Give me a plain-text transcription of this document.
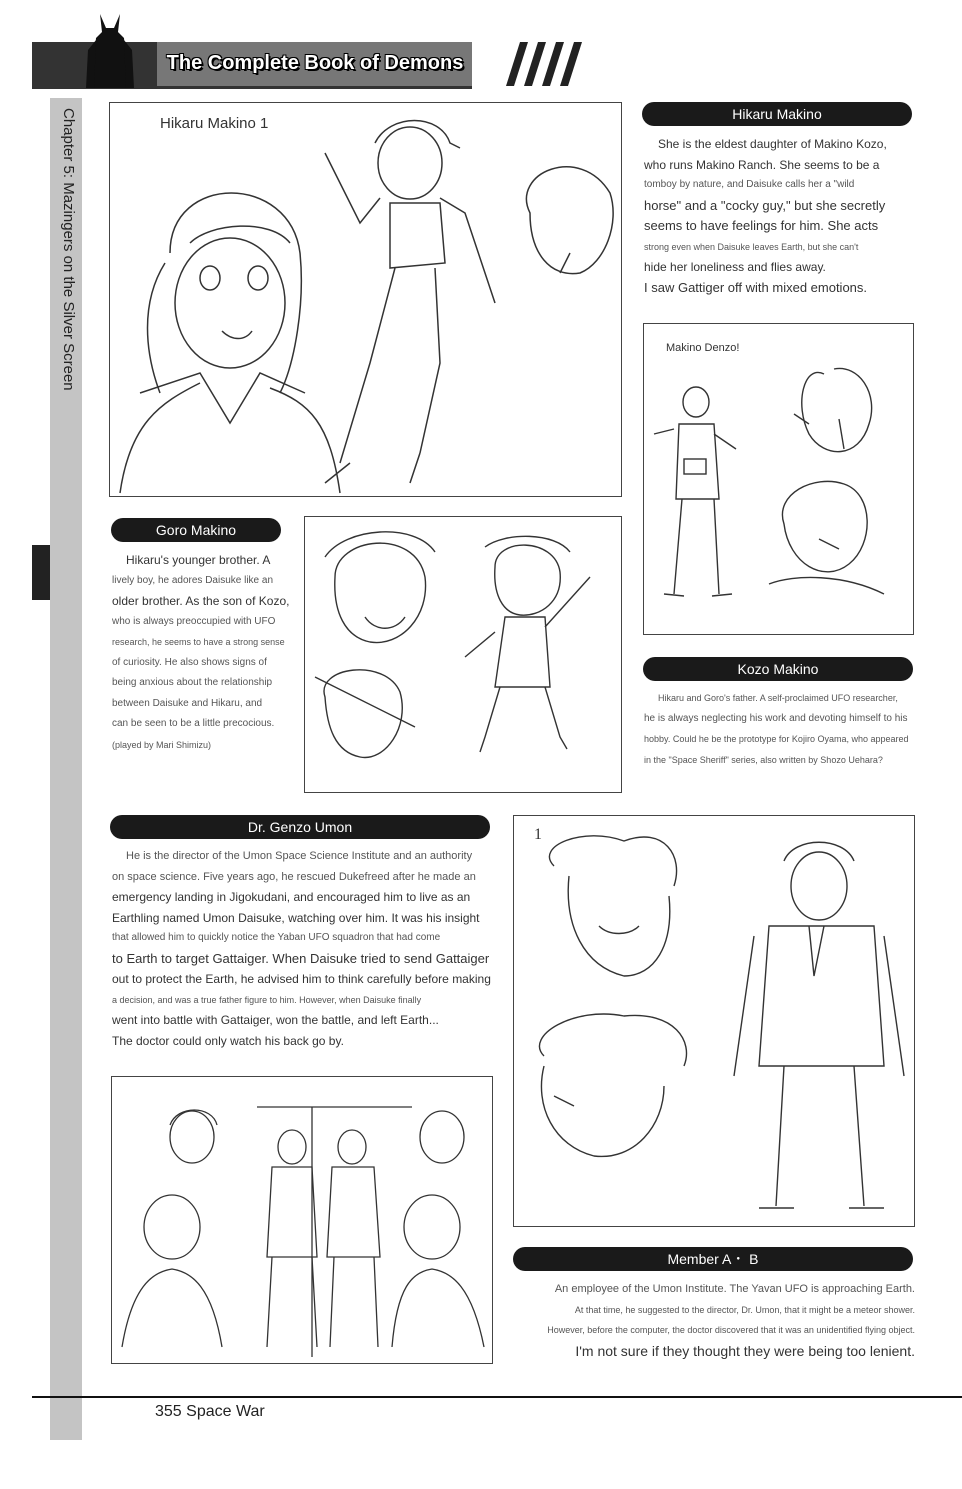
The Complete Book of Demons
Chapter 5: Mazingers on the Silver Screen	Hikaru Makino 1
Hikaru Makino
She is the eldest daughter of Makino Kozo,
who runs Makino Ranch. She seems to be a
tomboy by nature, and Daisuke calls her a "wild
horse" and a "cocky guy," but she secretly
seems to have feelings for him. She acts
strong even when Daisuke leaves Earth, but she can't
hide her loneliness and flies away.
I saw Gattiger off with mixed emotions.
Makino Denzo!
Goro Makino
Hikaru's younger brother. A
lively boy, he adores Daisuke like an
older brother. As the son of Kozo,
who is always preoccupied with UFO
research, he seems to have a strong sense
of curiosity. He also shows signs of
being anxious about the relationship
between Daisuke and Hikaru, and
can be seen to be a little precocious.
(played by Mari Shimizu)
Kozo Makino
Hikaru and Goro's father. A self-proclaimed UFO researcher,
he is always neglecting his work and devoting himself to his
hobby. Could he be the prototype for Kojiro Oyama, who appeared
in the "Space Sheriff" series, also written by Shozo Uehara?
Dr. Genzo Umon
He is the director of the Umon Space Science Institute and an authority
on space science. Five years ago, he rescued Dukefreed after he made an
emergency landing in Jigokudani, and encouraged him to live as an
Earthling named Umon Daisuke, watching over him. It was his insight
that allowed him to quickly notice the Yaban UFO squadron that had come
to Earth to target Gattaiger. When Daisuke tried to send Gattaiger
out to protect the Earth, he advised him to think carefully before making
a decision, and was a true father figure to him. However, when Daisuke finally
went into battle with Gattaiger, won the battle, and left Earth...
The doctor could only watch his back go by.
1
Member A・ B
An employee of the Umon Institute. The Yavan UFO is approaching Earth.
At that time, he suggested to the director, Dr. Umon, that it might be a meteor shower.
However, before the computer, the doctor discovered that it was an unidentified flying object.
I'm not sure if they thought they were being too lenient.
355 Space War
